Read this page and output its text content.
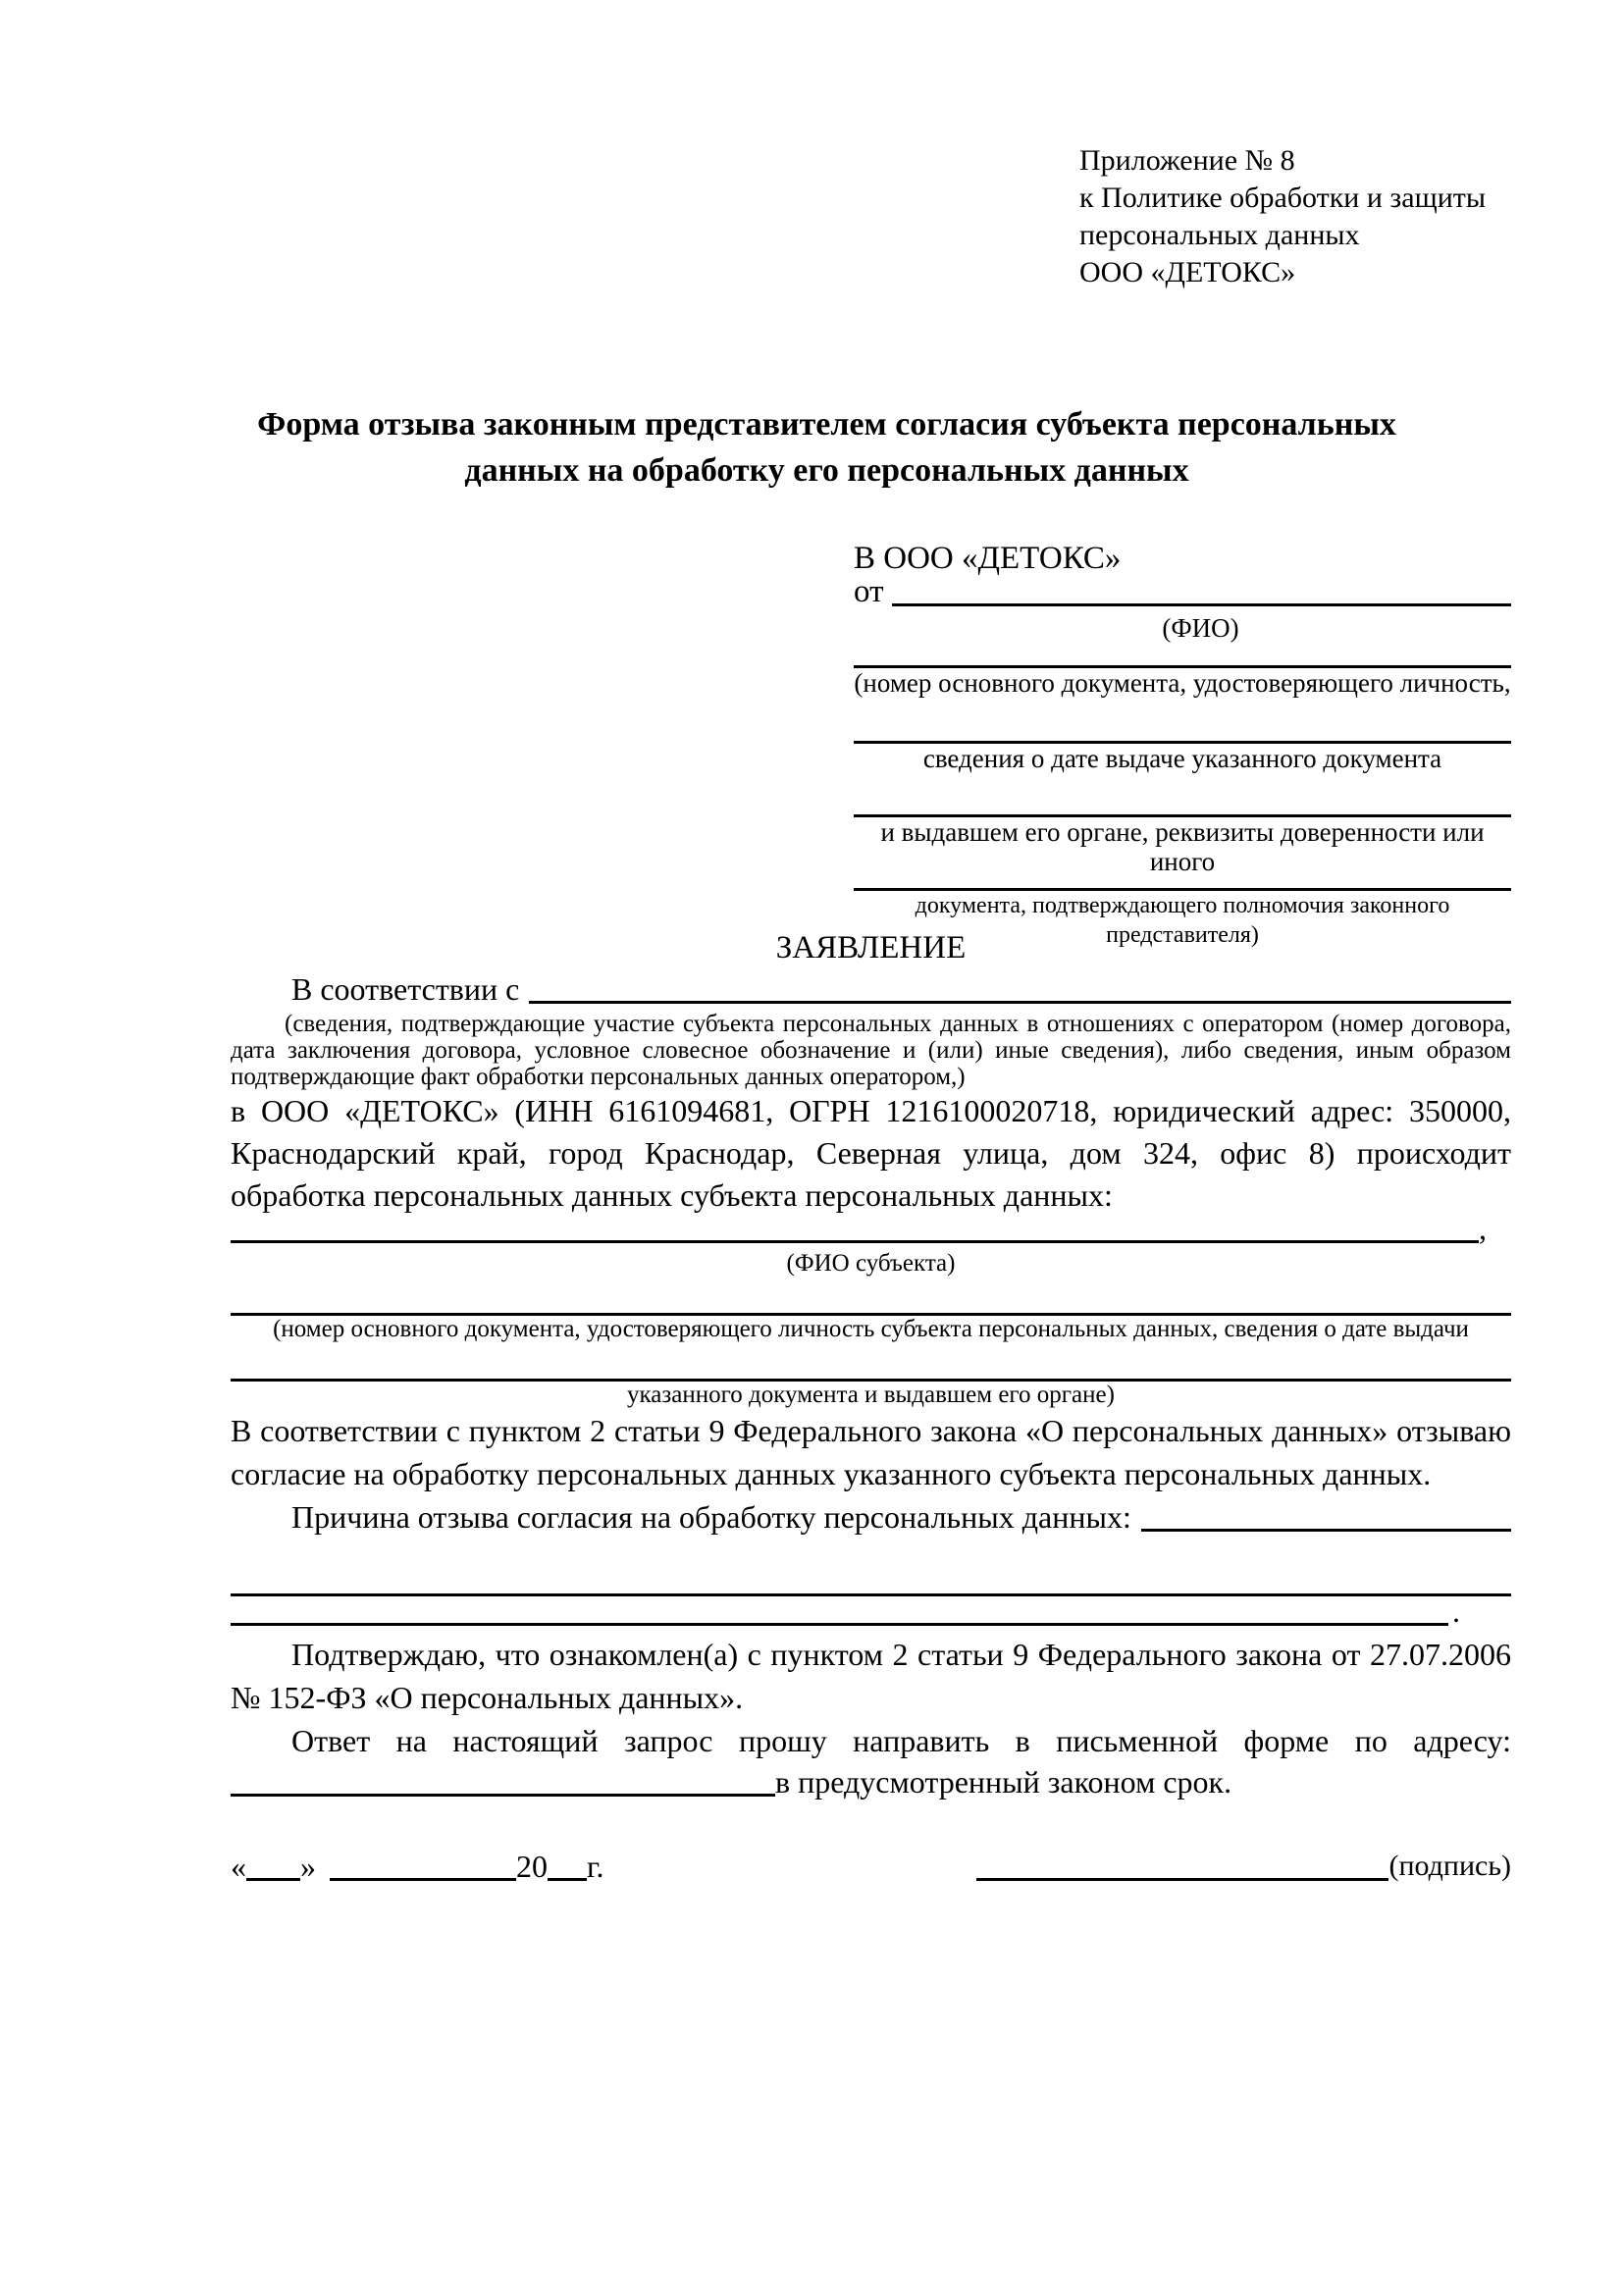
Приложение № 8
к Политике обработки и защиты
персональных данных
ООО «ДЕТОКС»
Форма отзыва законным представителем согласия субъекта персональных данных на обработку его персональных данных
В ООО «ДЕТОКС»
от
(ФИО)
(номер основного документа, удостоверяющего личность,
сведения о дате выдаче указанного документа
и выдавшем его органе, реквизиты доверенности или иного
документа, подтверждающего полномочия законного представителя)
ЗАЯВЛЕНИЕ
В соответствии с
(сведения, подтверждающие участие субъекта персональных данных в отношениях с оператором (номер договора, дата заключения договора, условное словесное обозначение и (или) иные сведения), либо сведения, иным образом подтверждающие факт обработки персональных данных оператором,)
в ООО «ДЕТОКС» (ИНН 6161094681, ОГРН 1216100020718, юридический адрес: 350000, Краснодарский край, город Краснодар, Северная улица, дом 324, офис 8) происходит обработка персональных данных субъекта персональных данных:
,
(ФИО субъекта)
(номер основного документа, удостоверяющего личность субъекта персональных данных, сведения о дате выдачи
указанного документа и выдавшем его органе)
В соответствии с пунктом 2 статьи 9 Федерального закона «О персональных данных» отзываю согласие на обработку персональных данных указанного субъекта персональных данных.
Причина отзыва согласия на обработку персональных данных:
.
Подтверждаю, что ознакомлен(а) с пунктом 2 статьи 9 Федерального закона от 27.07.2006 № 152-ФЗ «О персональных данных».
Ответ на настоящий запрос прошу направить в письменной форме по адресу:
в предусмотренный законом срок.
« »	20 г.	(подпись)
